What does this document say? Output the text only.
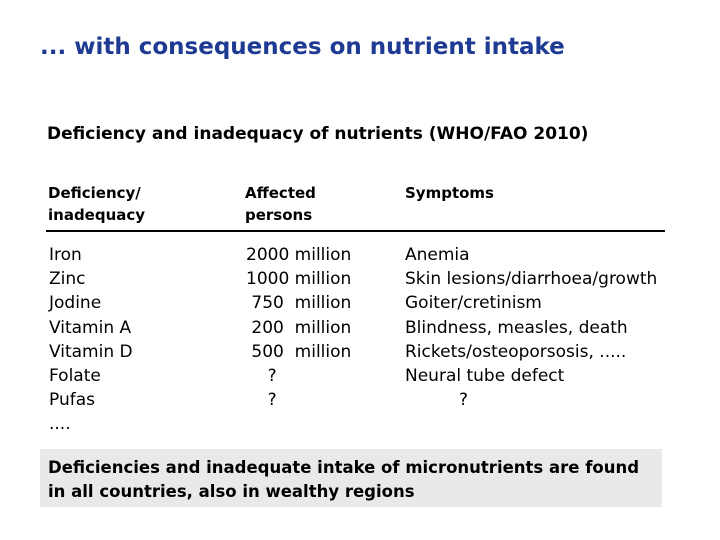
... with consequences on nutrient intake
Deficiency and inadequacy of nutrients (WHO/FAO 2010)
Deficiency/
inadequacy
Affected
persons
Symptoms
Iron
Zinc
Jodine
Vitamin A
Vitamin D
Folate
Pufas
....
2000 million
1000 million
750  million
200  million
500  million
?
?
Anemia
Skin lesions/diarrhoea/growth
Goiter/cretinism
Blindness, measles, death
Rickets/osteoporsosis, .....
Neural tube defect
?
Deficiencies and inadequate intake of micronutrients are found in all countries, also in wealthy regions
